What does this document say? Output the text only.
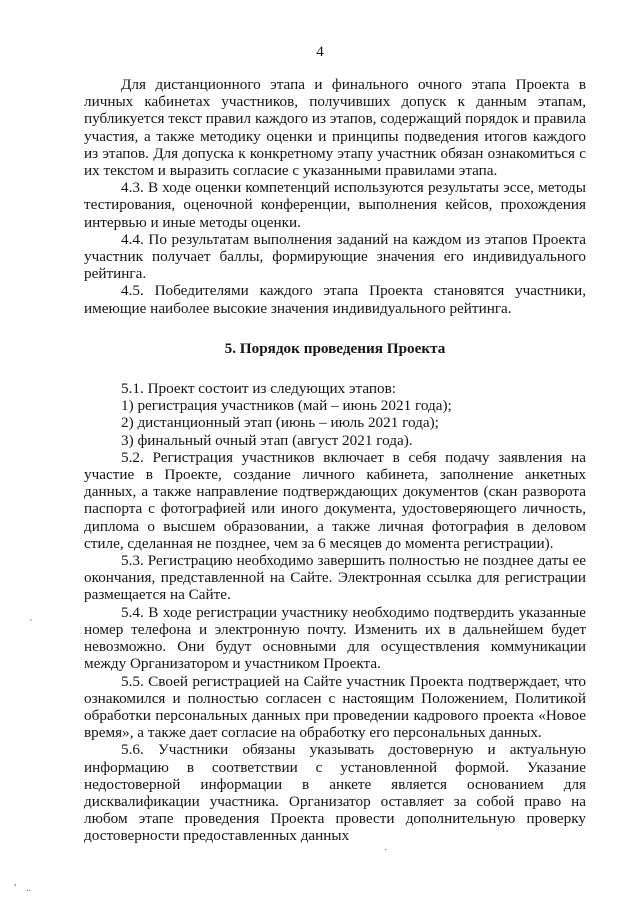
4

Для дистанционного этапа и финального очного этапа Проекта в личных кабинетах участников, получивших допуск к данным этапам, публикуется текст правил каждого из этапов, содержащий порядок и правила участия, а также методику оценки и принципы подведения итогов каждого из этапов. Для допуска к конкретному этапу участник обязан ознакомиться с их текстом и выразить согласие с указанными правилами этапа.

4.3. В ходе оценки компетенций используются результаты эссе, методы тестирования, оценочной конференции, выполнения кейсов, прохождения интервью и иные методы оценки.

4.4. По результатам выполнения заданий на каждом из этапов Проекта участник получает баллы, формирующие значения его индивидуального рейтинга.

4.5. Победителями каждого этапа Проекта становятся участники, имеющие наиболее высокие значения индивидуального рейтинга.

5. Порядок проведения Проекта

5.1. Проект состоит из следующих этапов:

1) регистрация участников (май – июнь 2021 года);

2) дистанционный этап (июнь – июль 2021 года);

3) финальный очный этап (август 2021 года).

5.2. Регистрация участников включает в себя подачу заявления на участие в Проекте, создание личного кабинета, заполнение анкетных данных, а также направление подтверждающих документов (скан разворота паспорта с фотографией или иного документа, удостоверяющего личность, диплома о высшем образовании, а также личная фотография в деловом стиле, сделанная не позднее, чем за 6 месяцев до момента регистрации).

5.3. Регистрацию необходимо завершить полностью не позднее даты ее окончания, представленной на Сайте. Электронная ссылка для регистрации размещается на Сайте.

5.4. В ходе регистрации участнику необходимо подтвердить указанные номер телефона и электронную почту. Изменить их в дальнейшем будет невозможно. Они будут основными для осуществления коммуникации между Организатором и участником Проекта.

5.5. Своей регистрацией на Сайте участник Проекта подтверждает, что ознакомился и полностью согласен с настоящим Положением, Политикой обработки персональных данных при проведении кадрового проекта «Новое время», а также дает согласие на обработку его персональных данных.

5.6. Участники обязаны указывать достоверную и актуальную информацию в соответствии с установленной формой. Указание недостоверной информации в анкете является основанием для дисквалификации участника. Организатор оставляет за собой право на любом этапе проведения Проекта провести дополнительную проверку достоверности предоставленных данных

'
·
,
..
